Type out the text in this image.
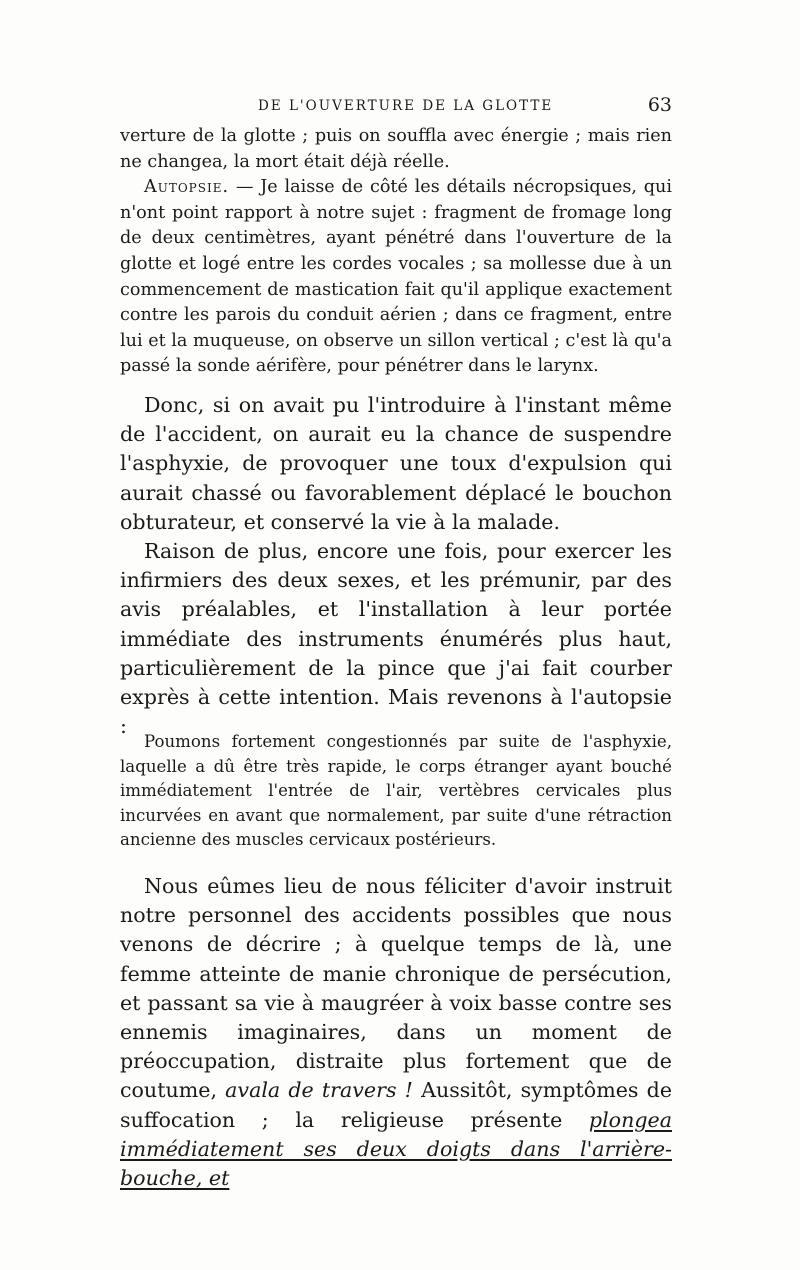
DE L'OUVERTURE DE LA GLOTTE	63

verture de la glotte ; puis on souffla avec énergie ; mais rien ne changea, la mort était déjà réelle.

Autopsie. — Je laisse de côté les détails nécropsiques, qui n'ont point rapport à notre sujet : fragment de fromage long de deux centimètres, ayant pénétré dans l'ouverture de la glotte et logé entre les cordes vocales ; sa mollesse due à un commencement de mastication fait qu'il applique exactement contre les parois du conduit aérien ; dans ce fragment, entre lui et la muqueuse, on observe un sillon vertical ; c'est là qu'a passé la sonde aérifère, pour pénétrer dans le larynx.

Donc, si on avait pu l'introduire à l'instant même de l'accident, on aurait eu la chance de suspendre l'asphyxie, de provoquer une toux d'expulsion qui aurait chassé ou favorablement déplacé le bouchon obturateur, et conservé la vie à la malade.

Raison de plus, encore une fois, pour exercer les infirmiers des deux sexes, et les prémunir, par des avis préalables, et l'installation à leur portée immédiate des instruments énumérés plus haut, particulièrement de la pince que j'ai fait courber exprès à cette intention. Mais revenons à l'autopsie :

Poumons fortement congestionnés par suite de l'asphyxie, laquelle a dû être très rapide, le corps étranger ayant bouché immédiatement l'entrée de l'air, vertèbres cervicales plus incurvées en avant que normalement, par suite d'une rétraction ancienne des muscles cervicaux postérieurs.

Nous eûmes lieu de nous féliciter d'avoir instruit notre personnel des accidents possibles que nous venons de décrire ; à quelque temps de là, une femme atteinte de manie chronique de persécution, et passant sa vie à maugréer à voix basse contre ses ennemis imaginaires, dans un moment de préoccupation, distraite plus fortement que de coutume, avala de travers ! Aussitôt, symptômes de suffocation ; la religieuse présente plongea immédiatement ses deux doigts dans l'arrière-bouche, et
